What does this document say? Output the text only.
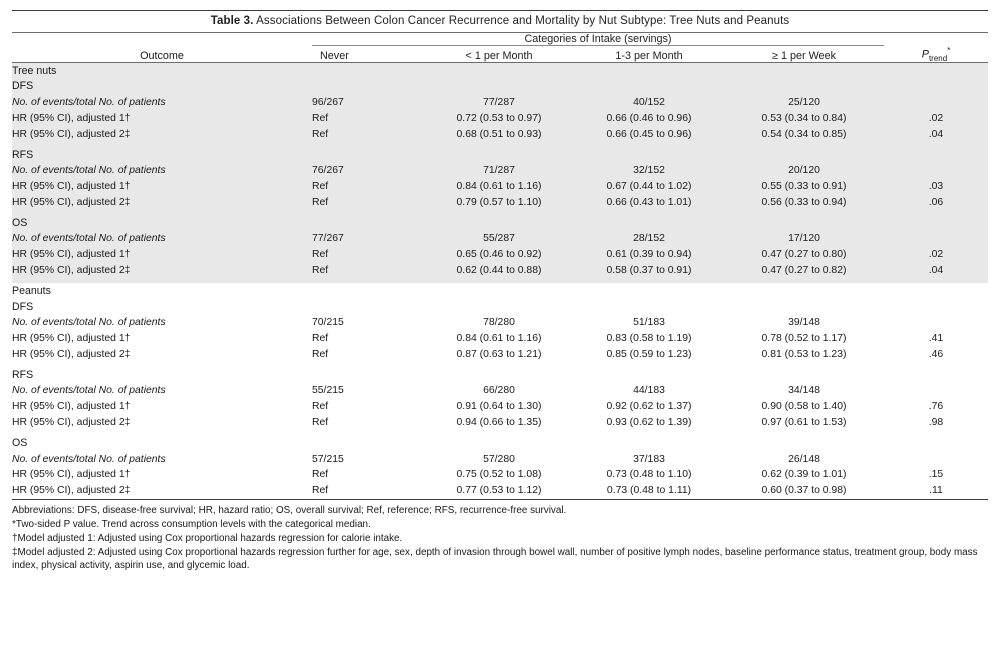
Table 3. Associations Between Colon Cancer Recurrence and Mortality by Nut Subtype: Tree Nuts and Peanuts
	Categories of Intake (servings)				
Outcome	Never	< 1 per Month	1-3 per Month	≥ 1 per Week	$P_{trend}^*$
Tree nuts					
DFS					
No. of events/total No. of patients	96/267	77/287	40/152	25/120	
HR (95% CI), adjusted 1†	Ref	0.72 (0.53 to 0.97)	0.66 (0.46 to 0.96)	0.53 (0.34 to 0.84)	.02
HR (95% CI), adjusted 2‡	Ref	0.68 (0.51 to 0.93)	0.66 (0.45 to 0.96)	0.54 (0.34 to 0.85)	.04

RFS					
No. of events/total No. of patients	76/267	71/287	32/152	20/120	
HR (95% CI), adjusted 1†	Ref	0.84 (0.61 to 1.16)	0.67 (0.44 to 1.02)	0.55 (0.33 to 0.91)	.03
HR (95% CI), adjusted 2‡	Ref	0.79 (0.57 to 1.10)	0.66 (0.43 to 1.01)	0.56 (0.33 to 0.94)	.06

OS					
No. of events/total No. of patients	77/267	55/287	28/152	17/120	
HR (95% CI), adjusted 1†	Ref	0.65 (0.46 to 0.92)	0.61 (0.39 to 0.94)	0.47 (0.27 to 0.80)	.02
HR (95% CI), adjusted 2‡	Ref	0.62 (0.44 to 0.88)	0.58 (0.37 to 0.91)	0.47 (0.27 to 0.82)	.04

Peanuts					
DFS					
No. of events/total No. of patients	70/215	78/280	51/183	39/148	
HR (95% CI), adjusted 1†	Ref	0.84 (0.61 to 1.16)	0.83 (0.58 to 1.19)	0.78 (0.52 to 1.17)	.41
HR (95% CI), adjusted 2‡	Ref	0.87 (0.63 to 1.21)	0.85 (0.59 to 1.23)	0.81 (0.53 to 1.23)	.46

RFS					
No. of events/total No. of patients	55/215	66/280	44/183	34/148	
HR (95% CI), adjusted 1†	Ref	0.91 (0.64 to 1.30)	0.92 (0.62 to 1.37)	0.90 (0.58 to 1.40)	.76
HR (95% CI), adjusted 2‡	Ref	0.94 (0.66 to 1.35)	0.93 (0.62 to 1.39)	0.97 (0.61 to 1.53)	.98

OS					
No. of events/total No. of patients	57/215	57/280	37/183	26/148	
HR (95% CI), adjusted 1†	Ref	0.75 (0.52 to 1.08)	0.73 (0.48 to 1.10)	0.62 (0.39 to 1.01)	.15
HR (95% CI), adjusted 2‡	Ref	0.77 (0.53 to 1.12)	0.73 (0.48 to 1.11)	0.60 (0.37 to 0.98)	.11
Abbreviations: DFS, disease-free survival; HR, hazard ratio; OS, overall survival; Ref, reference; RFS, recurrence-free survival.
*Two-sided P value. Trend across consumption levels with the categorical median.
†Model adjusted 1: Adjusted using Cox proportional hazards regression for calorie intake.
‡Model adjusted 2: Adjusted using Cox proportional hazards regression further for age, sex, depth of invasion through bowel wall, number of positive lymph nodes, baseline performance status, treatment group, body mass index, physical activity, aspirin use, and glycemic load.
